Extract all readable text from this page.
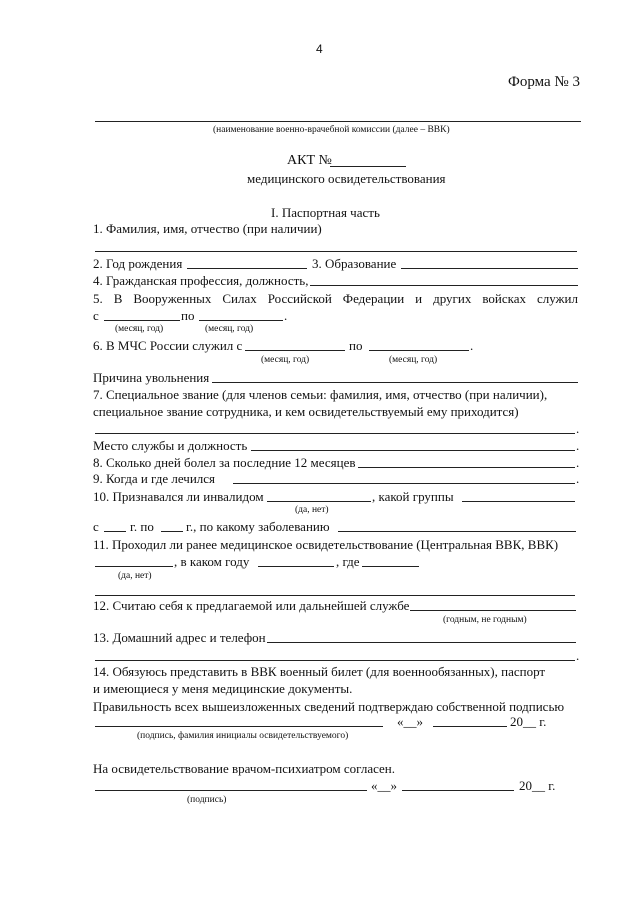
4
Форма № 3
(наименование военно-врачебной комиссии (далее – ВВК)
АКТ №
медицинского освидетельствования
I. Паспортная часть
1. Фамилия, имя, отчество (при наличии)
2. Год рождения	3. Образование
4. Гражданская профессия, должность,
5. В Вооруженных Силах Российской Федерации и других войсках служил
с	по	.
(месяц, год)	(месяц, год)
6. В МЧС России служил с	по	.
(месяц, год)	(месяц, год)
Причина увольнения
7. Специальное звание (для членов семьи: фамилия, имя, отчество (при наличии),
специальное звание сотрудника, и кем освидетельствуемый ему приходится)
.
Место службы и должность	.
8. Сколько дней болел за последние 12 месяцев	.
9. Когда и где лечился	.
10. Признавался ли инвалидом	, какой группы
(да, нет)
с г. по г., по какому заболеванию
11. Проходил ли ранее медицинское освидетельствование (Центральная ВВК, ВВК)
, в каком году	, где
(да, нет)
12. Считаю себя к предлагаемой или дальнейшей службе
(годным, не годным)
13. Домашний адрес и телефон
.
14. Обязуюсь представить в ВВК военный билет (для военнообязанных), паспорт
и имеющиеся у меня медицинские документы.
Правильность всех вышеизложенных сведений подтверждаю собственной подписью
«__»	20__ г.
(подпись, фамилия инициалы освидетельствуемого)
На освидетельствование врачом-психиатром согласен.
«__»	20__ г.
(подпись)
